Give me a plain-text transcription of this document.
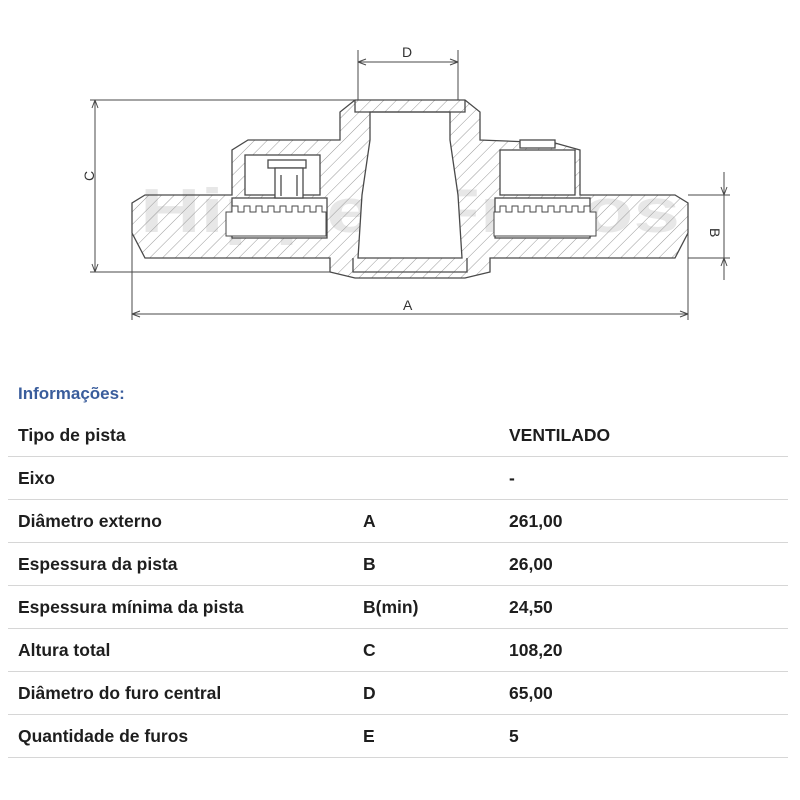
D
C
B
A
Informações:
Tipo de pista		VENTILADO
Eixo		-
Diâmetro externo	A	261,00
Espessura da pista	B	26,00
Espessura mínima da pista	B(min)	24,50
Altura total	C	108,20
Diâmetro do furo central	D	65,00
Quantidade de furos	E	5
